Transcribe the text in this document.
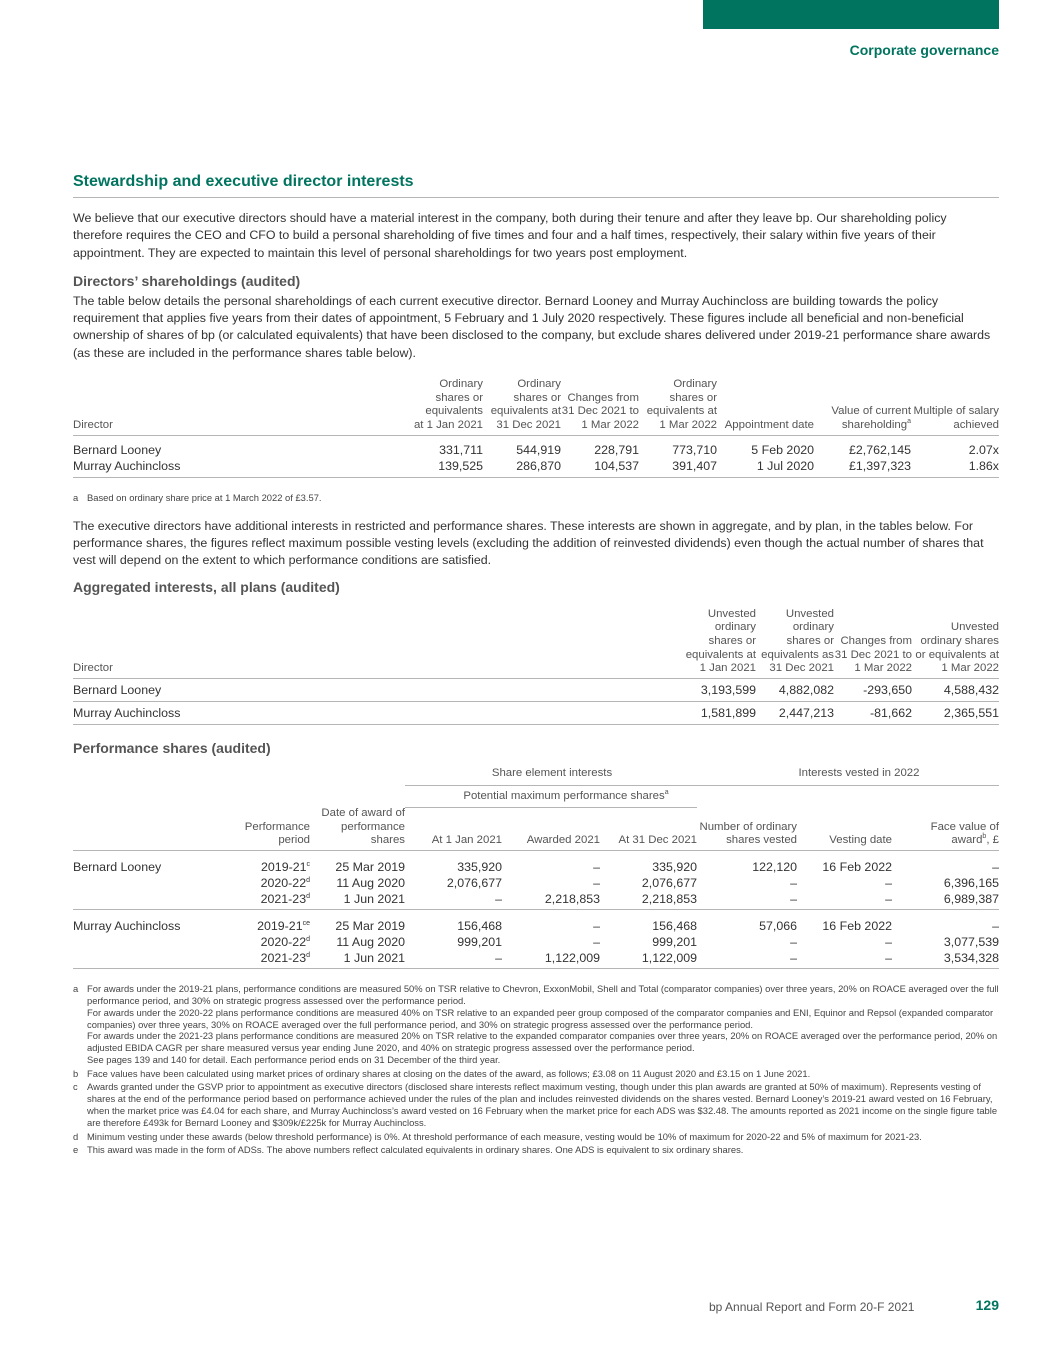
Corporate governance
Stewardship and executive director interests

We believe that our executive directors should have a material interest in the company, both during their tenure and after they leave bp. Our shareholding policy therefore requires the CEO and CFO to build a personal shareholding of five times and four and a half times, respectively, their salary within five years of their appointment. They are expected to maintain this level of personal shareholdings for two years post employment.

Directors’ shareholdings (audited)

The table below details the personal shareholdings of each current executive director. Bernard Looney and Murray Auchincloss are building towards the policy requirement that applies five years from their dates of appointment, 5 February and 1 July 2020 respectively. These figures include all beneficial and non-beneficial ownership of shares of bp (or calculated equivalents) that have been disclosed to the company, but exclude shares delivered under 2019-21 performance share awards (as these are included in the performance shares table below).

Director	Ordinary shares or equivalents at 1 Jan 2021	Ordinary shares or equivalents at 31 Dec 2021	Changes from 31 Dec 2021 to 1 Mar 2022	Ordinary shares or equivalents at 1 Mar 2022	Appointment date	Value of current shareholding$^a$	Multiple of salary achieved
Bernard Looney	331,711	544,919	228,791	773,710	5 Feb 2020	£2,762,145	2.07x
Murray Auchincloss	139,525	286,870	104,537	391,407	1 Jul 2020	£1,397,323	1.86x
a Based on ordinary share price at 1 March 2022 of £3.57.

The executive directors have additional interests in restricted and performance shares. These interests are shown in aggregate, and by plan, in the tables below. For performance shares, the figures reflect maximum possible vesting levels (excluding the addition of reinvested dividends) even though the actual number of shares that vest will depend on the extent to which performance conditions are satisfied.

Aggregated interests, all plans (audited)
Director	Unvested ordinary shares or equivalents at 1 Jan 2021	Unvested ordinary shares or equivalents as 31 Dec 2021	Changes from 31 Dec 2021 to 1 Mar 2022	Unvested ordinary shares or equivalents at 1 Mar 2022
Bernard Looney	3,193,599	4,882,082	-293,650	4,588,432
Murray Auchincloss	1,581,899	2,447,213	-81,662	2,365,551
Performance shares (audited)
			Share element interests			Interests vested in 2022		
			Potential maximum performance shares$^a$	
	Performance period	Date of award of performance shares	At 1 Jan 2021	Awarded 2021	At 31 Dec 2021	Number of ordinary shares vested	Vesting date	Face value of award$^b$, £
Bernard Looney	2019-21$^c$	25 Mar 2019	335,920	–	335,920	122,120	16 Feb 2022	–
	2020-22$^d$	11 Aug 2020	2,076,677	–	2,076,677	–	–	6,396,165
	2021-23$^d$	1 Jun 2021	–	2,218,853	2,218,853	–	–	6,989,387
Murray Auchincloss	$2019-21^{ce}$	25 Mar 2019	156,468	–	156,468	57,066	16 Feb 2022	–
	2020-22$^d$	11 Aug 2020	999,201	–	999,201	–	–	3,077,539
	2021-23$^d$	1 Jun 2021	–	1,122,009	1,122,009	–	–	3,534,328
a For awards under the 2019-21 plans, performance conditions are measured 50% on TSR relative to Chevron, ExxonMobil, Shell and Total (comparator companies) over three years, 20% on ROACE averaged over the full performance period, and 30% on strategic progress assessed over the performance period.
For awards under the 2020-22 plans performance conditions are measured 40% on TSR relative to an expanded peer group composed of the comparator companies and ENI, Equinor and Repsol (expanded comparator companies) over three years, 30% on ROACE averaged over the full performance period, and 30% on strategic progress assessed over the performance period.
For awards under the 2021-23 plans performance conditions are measured 20% on TSR relative to the expanded comparator companies over three years, 20% on ROACE averaged over the performance period, 20% on adjusted EBIDA CAGR per share measured versus year ending June 2020, and 40% on strategic progress assessed over the performance period.
See pages 139 and 140 for detail. Each performance period ends on 31 December of the third year.
b Face values have been calculated using market prices of ordinary shares at closing on the dates of the award, as follows; £3.08 on 11 August 2020 and £3.15 on 1 June 2021.
c Awards granted under the GSVP prior to appointment as executive directors (disclosed share interests reflect maximum vesting, though under this plan awards are granted at 50% of maximum). Represents vesting of shares at the end of the performance period based on performance achieved under the rules of the plan and includes reinvested dividends on the shares vested. Bernard Looney’s 2019-21 award vested on 16 February, when the market price was £4.04 for each share, and Murray Auchincloss’s award vested on 16 February when the market price for each ADS was $32.48. The amounts reported as 2021 income on the single figure table are therefore £493k for Bernard Looney and $309k/£225k for Murray Auchincloss.
d Minimum vesting under these awards (below threshold performance) is 0%. At threshold performance of each measure, vesting would be 10% of maximum for 2020-22 and 5% of maximum for 2021-23.
e This award was made in the form of ADSs. The above numbers reflect calculated equivalents in ordinary shares. One ADS is equivalent to six ordinary shares.
bp Annual Report and Form 20-F 2021	129
